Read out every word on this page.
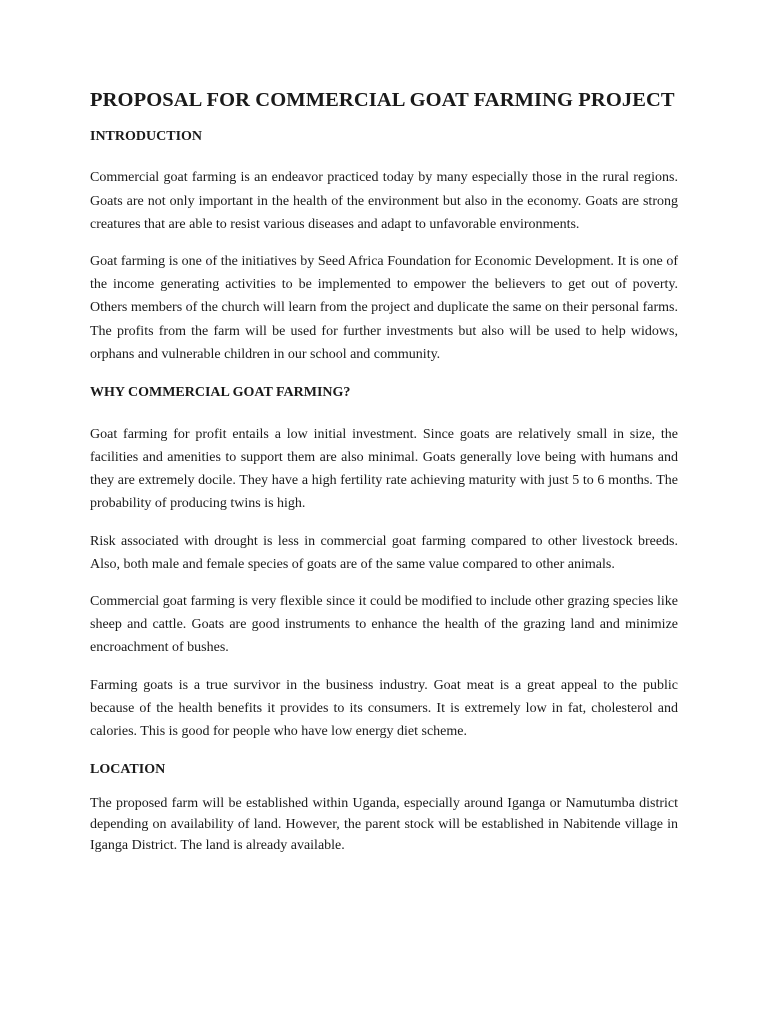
PROPOSAL FOR COMMERCIAL GOAT FARMING PROJECT
INTRODUCTION

Commercial goat farming is an endeavor practiced today by many especially those in the rural regions. Goats are not only important in the health of the environment but also in the economy. Goats are strong creatures that are able to resist various diseases and adapt to unfavorable environments.

Goat farming is one of the initiatives by Seed Africa Foundation for Economic Development. It is one of the income generating activities to be implemented to empower the believers to get out of poverty. Others members of the church will learn from the project and duplicate the same on their personal farms. The profits from the farm will be used for further investments but also will be used to help widows, orphans and vulnerable children in our school and community.

WHY COMMERCIAL GOAT FARMING?

Goat farming for profit entails a low initial investment. Since goats are relatively small in size, the facilities and amenities to support them are also minimal. Goats generally love being with humans and they are extremely docile. They have a high fertility rate achieving maturity with just 5 to 6 months. The probability of producing twins is high.

Risk associated with drought is less in commercial goat farming compared to other livestock breeds. Also, both male and female species of goats are of the same value compared to other animals.

Commercial goat farming is very flexible since it could be modified to include other grazing species like sheep and cattle. Goats are good instruments to enhance the health of the grazing land and minimize encroachment of bushes.

Farming goats is a true survivor in the business industry. Goat meat is a great appeal to the public because of the health benefits it provides to its consumers. It is extremely low in fat, cholesterol and calories. This is good for people who have low energy diet scheme.

LOCATION

The proposed farm will be established within Uganda, especially around Iganga or Namutumba district depending on availability of land. However, the parent stock will be established in Nabitende village in Iganga District. The land is already available.
